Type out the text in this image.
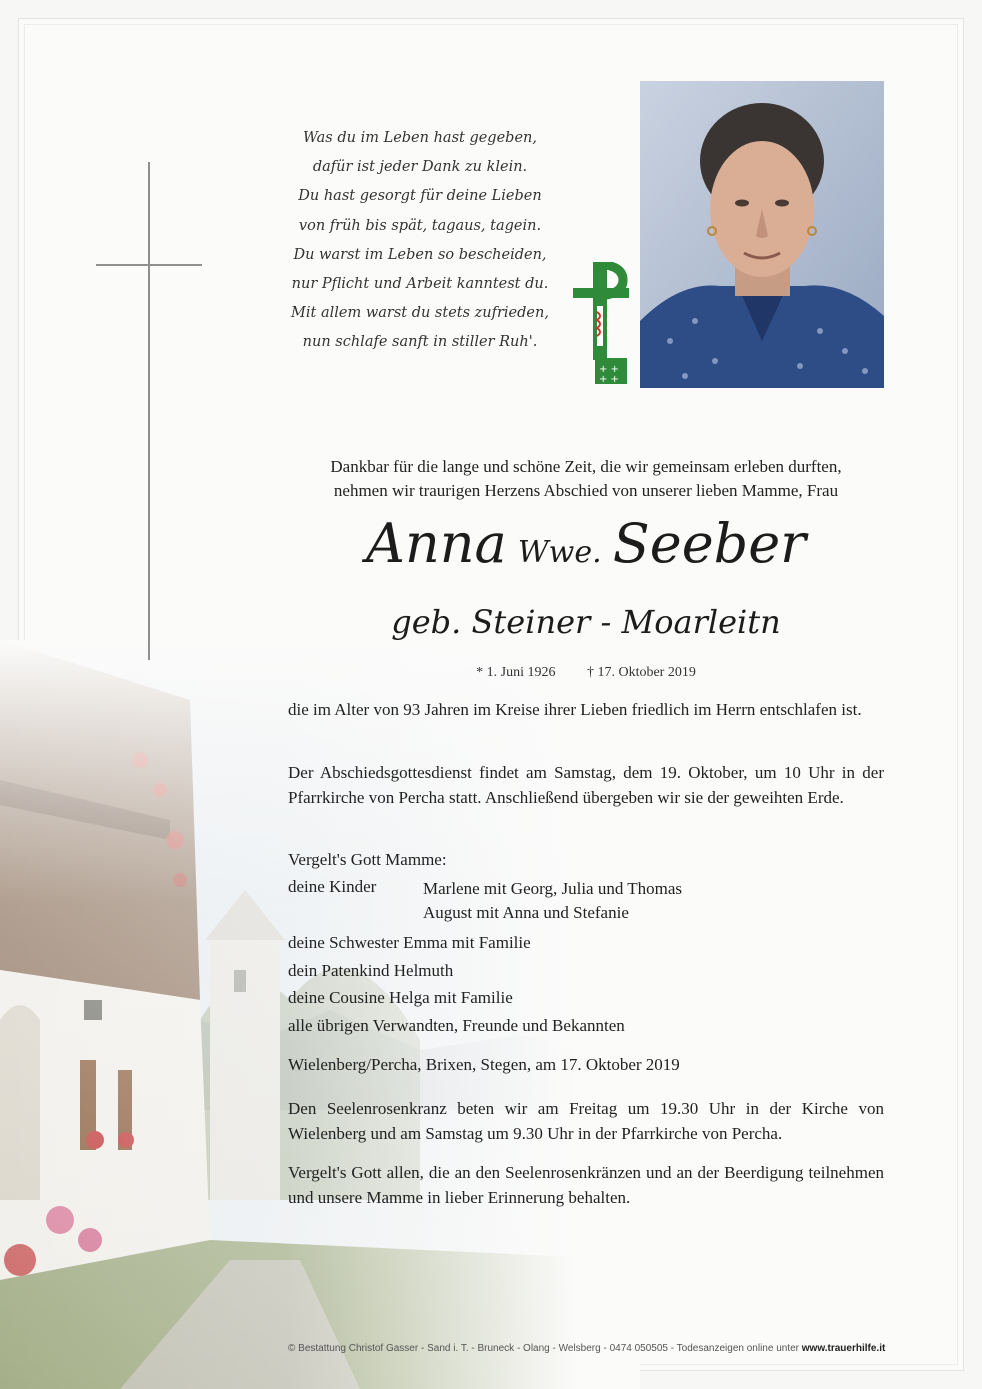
Was du im Leben hast gegeben,
dafür ist jeder Dank zu klein.
Du hast gesorgt für deine Lieben
von früh bis spät, tagaus, tagein.
Du warst im Leben so bescheiden,
nur Pflicht und Arbeit kanntest du.
Mit allem warst du stets zufrieden,
nun schlafe sanft in stiller Ruh'.
+ +
+ +
Dankbar für die lange und schöne Zeit, die wir gemeinsam erleben durften,
nehmen wir traurigen Herzens Abschied von unserer lieben Mamme, Frau
Anna Wwe. Seeber
geb. Steiner - Moarleitn
* 1. Juni 1926 † 17. Oktober 2019
die im Alter von 93 Jahren im Kreise ihrer Lieben friedlich im Herrn entschlafen ist.
Der Abschiedsgottesdienst findet am Samstag, dem 19. Oktober, um 10 Uhr in der Pfarrkirche von Percha statt. Anschließend übergeben wir sie der geweihten Erde.
Vergelt's Gott Mamme:
deine Kinder	Marlene mit Georg, Julia und Thomas
August mit Anna und Stefanie
deine Schwester Emma mit Familie
dein Patenkind Helmuth
deine Cousine Helga mit Familie
alle übrigen Verwandten, Freunde und Bekannten
Wielenberg/Percha, Brixen, Stegen, am 17. Oktober 2019
Den Seelenrosenkranz beten wir am Freitag um 19.30 Uhr in der Kirche von Wielenberg und am Samstag um 9.30 Uhr in der Pfarrkirche von Percha.
Vergelt's Gott allen, die an den Seelenrosenkränzen und an der Beerdigung teilnehmen und unsere Mamme in lieber Erinnerung behalten.
© Bestattung Christof Gasser - Sand i. T. - Bruneck - Olang - Welsberg - 0474 050505 - Todesanzeigen online unter www.trauerhilfe.it
